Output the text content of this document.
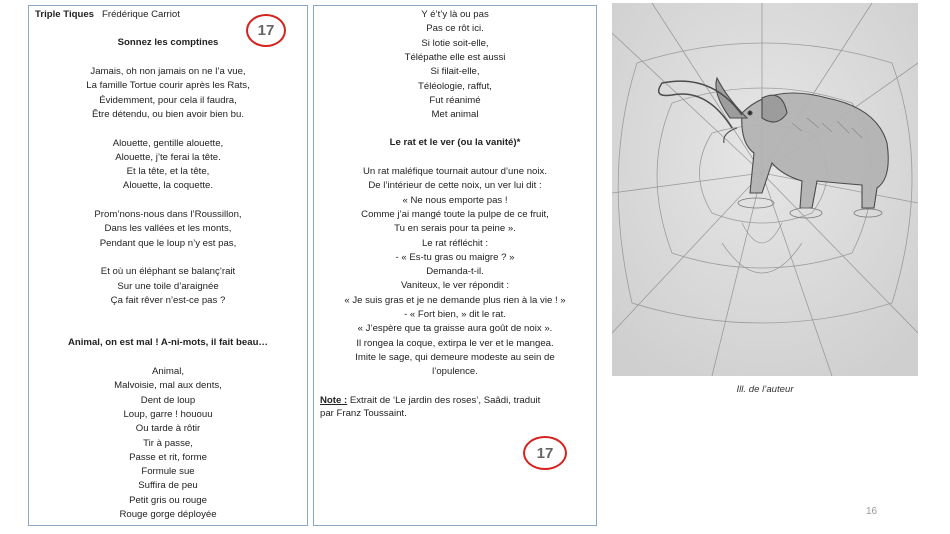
Triple Tiques Frédérique Carriot
17
Sonnez les comptines
Jamais, oh non jamais on ne l’a vue,
La famille Tortue courir après les Rats,
Évidemment, pour cela il faudra,
Être détendu, ou bien avoir bien bu.
Alouette, gentille alouette,
Alouette, j’te ferai la tête.
Et la tête, et la tête,
Alouette, la coquette.
Prom’nons-nous dans l’Roussillon,
Dans les vallées et les monts,
Pendant que le loup n’y est pas,
Et où un éléphant se balanç’rait
Sur une toile d’araignée
Ça fait rêver n’est-ce pas ?
Animal, on est mal ! A-ni-mots, il fait beau…
Animal,
Malvoisie, mal aux dents,
Dent de loup
Loup, garre ! hououu
Ou tarde à rôtir
Tir à passe,
Passe et rit, forme
Formule sue
Suffira de peu
Petit gris ou rouge
Rouge gorge déployée
Y é’t’y là ou pas
Pas ce rôt ici.
Si lotie soit-elle,
Télépathe elle est aussi
Si filait-elle,
Téléologie, raffut,
Fut réanimé
Met animal
Le rat et le ver (ou la vanité)*
Un rat maléfique tournait autour d’une noix.
De l’intérieur de cette noix, un ver lui dit :
« Ne nous emporte pas !
Comme j’ai mangé toute la pulpe de ce fruit,
Tu en serais pour ta peine ».
Le rat réfléchit :
- « Es-tu gras ou maigre ? »
Demanda-t-il.
Vaniteux, le ver répondit :
« Je suis gras et je ne demande plus rien à la vie ! »
- « Fort bien, » dit le rat.
« J’espère que ta graisse aura goût de noix ».
Il rongea la coque, extirpa le ver et le mangea.
Imite le sage, qui demeure modeste au sein de
l’opulence.
Note : Extrait de ‘Le jardin des roses’, Saâdi, traduit
par Franz Toussaint.
17
Ill. de l’auteur
16
